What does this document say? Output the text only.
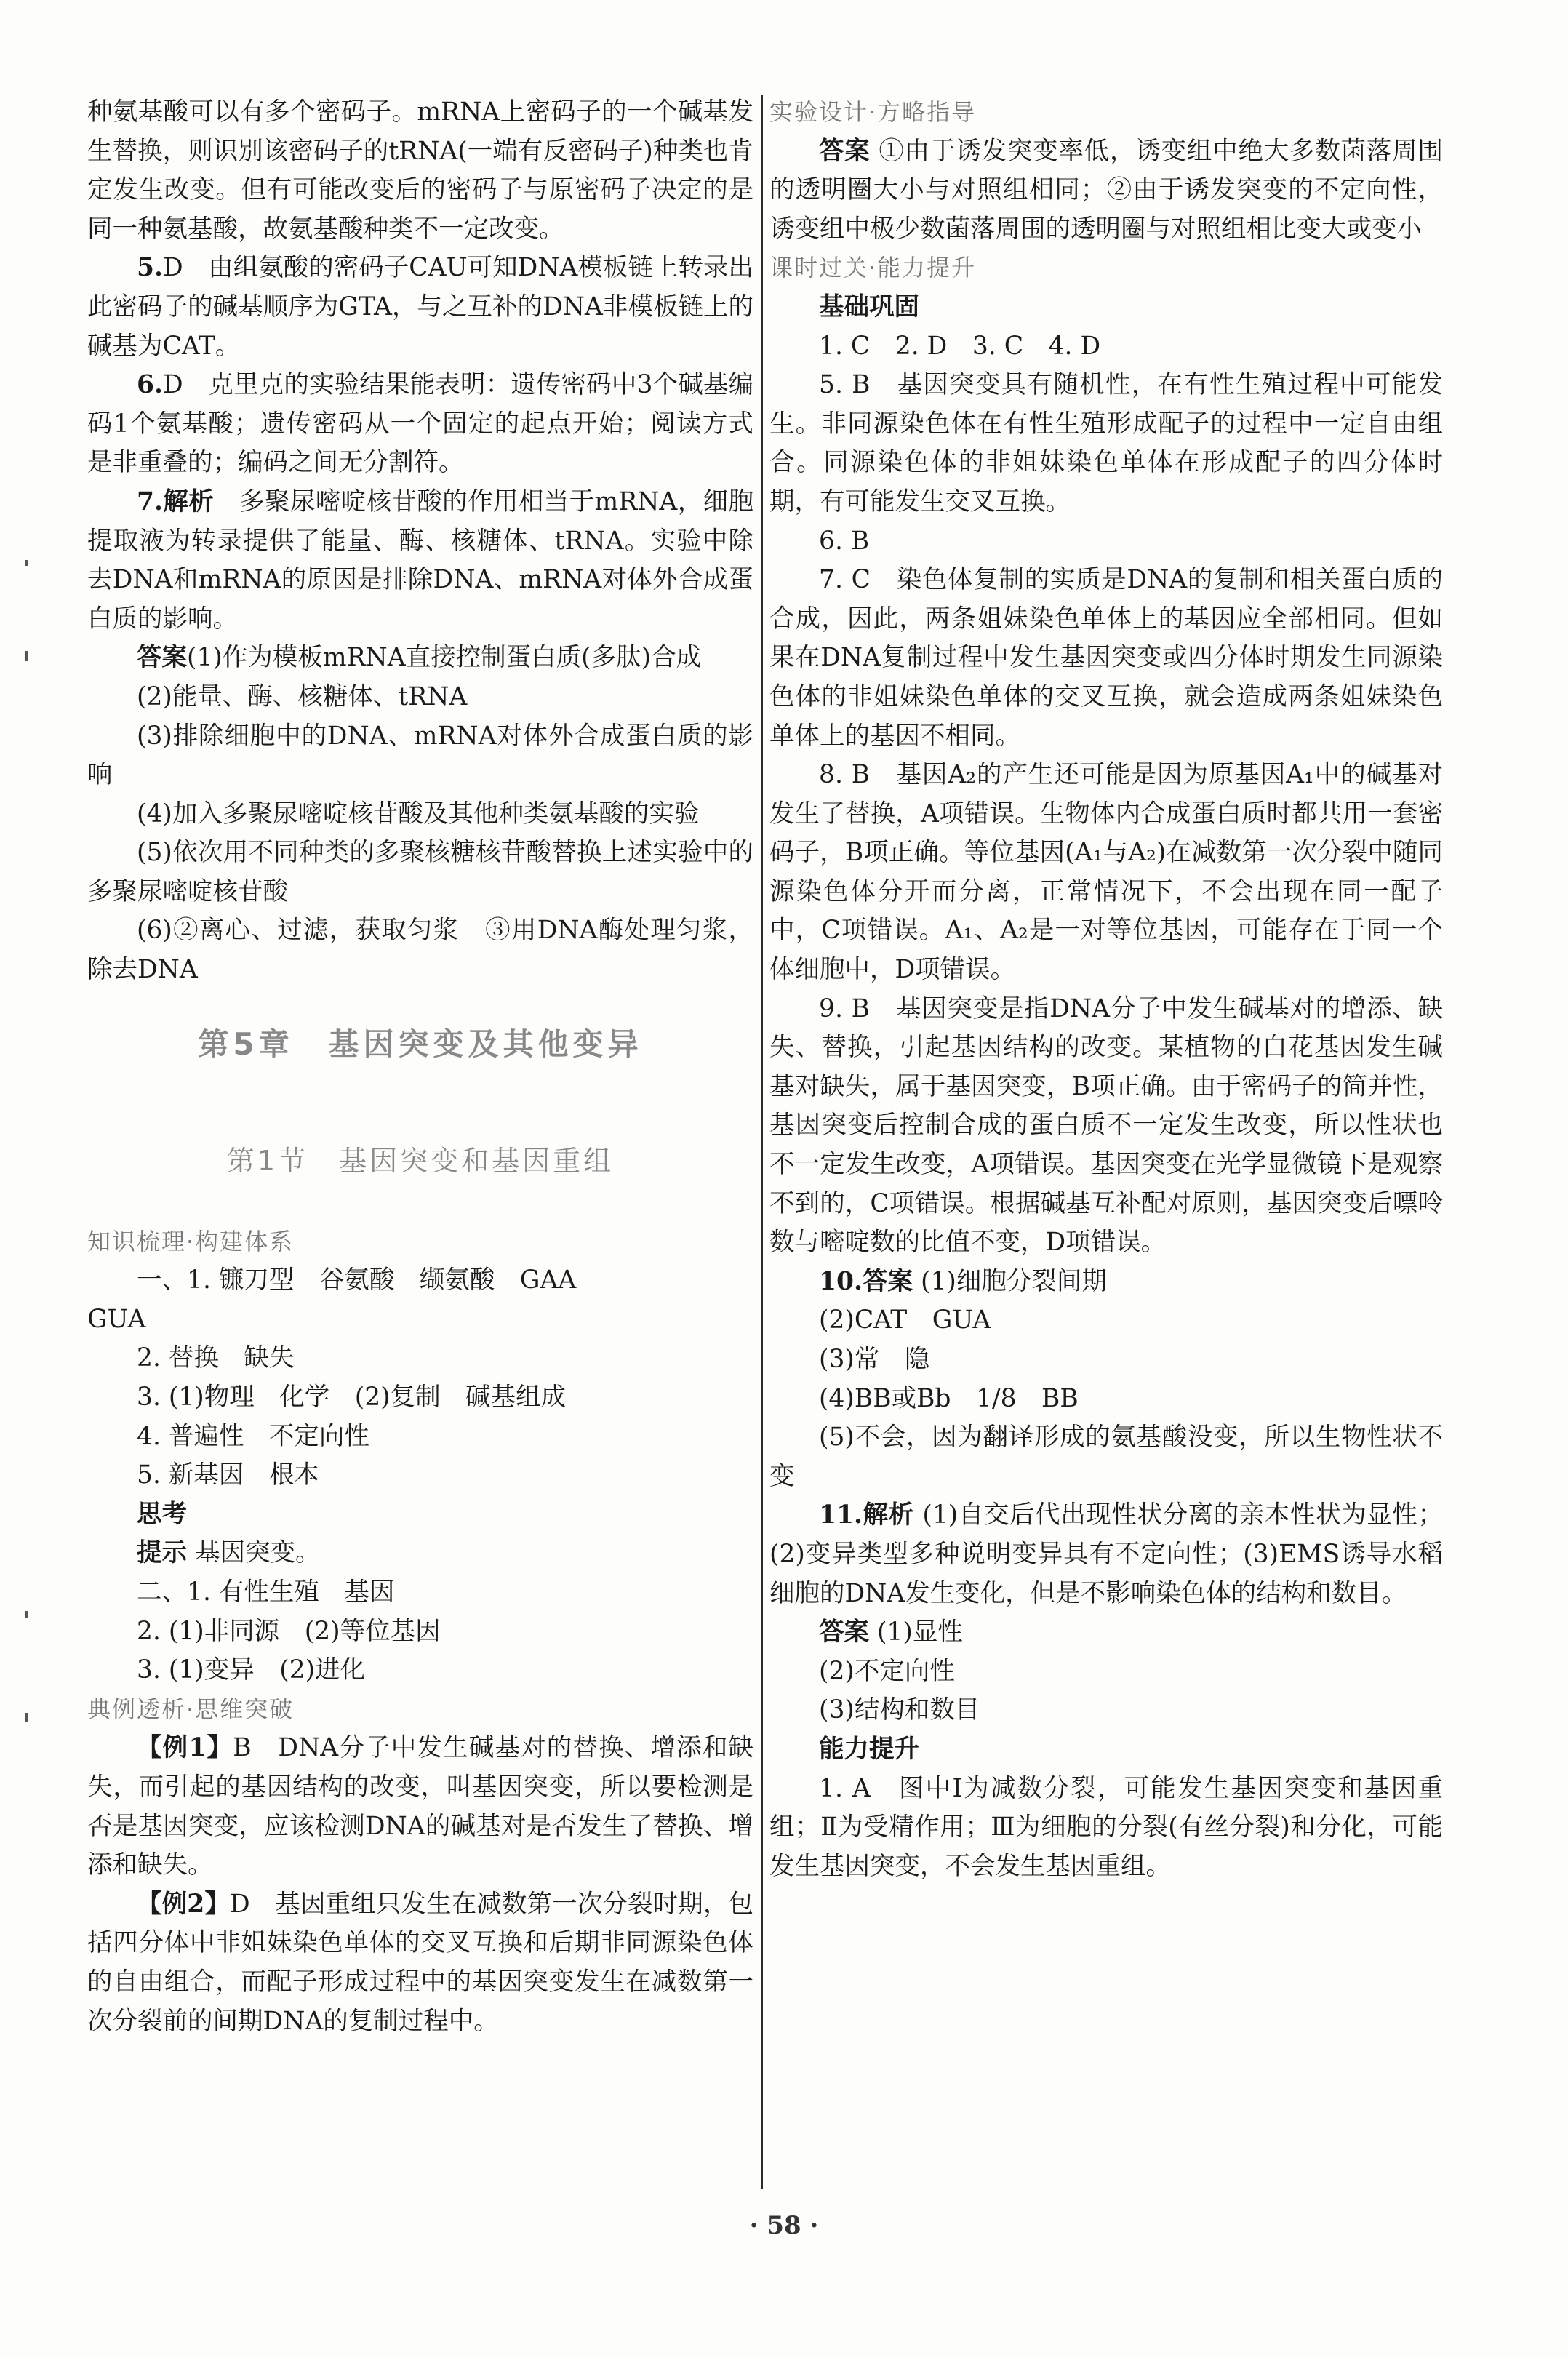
种氨基酸可以有多个密码子。mRNA上密码子的一个碱基发生替换，则识别该密码子的tRNA(一端有反密码子)种类也肯定发生改变。但有可能改变后的密码子与原密码子决定的是同一种氨基酸，故氨基酸种类不一定改变。

5.D　由组氨酸的密码子CAU可知DNA模板链上转录出此密码子的碱基顺序为GTA，与之互补的DNA非模板链上的碱基为CAT。

6.D　克里克的实验结果能表明：遗传密码中3个碱基编码1个氨基酸；遗传密码从一个固定的起点开始；阅读方式是非重叠的；编码之间无分割符。

7.解析　多聚尿嘧啶核苷酸的作用相当于mRNA，细胞提取液为转录提供了能量、酶、核糖体、tRNA。实验中除去DNA和mRNA的原因是排除DNA、mRNA对体外合成蛋白质的影响。

答案(1)作为模板mRNA直接控制蛋白质(多肽)合成

(2)能量、酶、核糖体、tRNA

(3)排除细胞中的DNA、mRNA对体外合成蛋白质的影响

(4)加入多聚尿嘧啶核苷酸及其他种类氨基酸的实验

(5)依次用不同种类的多聚核糖核苷酸替换上述实验中的多聚尿嘧啶核苷酸

(6)②离心、过滤，获取匀浆　③用DNA酶处理匀浆，除去DNA

第5章　基因突变及其他变异
第1节　基因突变和基因重组

知识梳理·构建体系

一、1. 镰刀型　谷氨酸　缬氨酸　GAA

GUA

2. 替换　缺失

3. (1)物理　化学　(2)复制　碱基组成

4. 普遍性　不定向性

5. 新基因　根本

思考

提示 基因突变。

二、1. 有性生殖　基因

2. (1)非同源　(2)等位基因

3. (1)变异　(2)进化

典例透析·思维突破

【例1】B　DNA分子中发生碱基对的替换、增添和缺失，而引起的基因结构的改变，叫基因突变，所以要检测是否是基因突变，应该检测DNA的碱基对是否发生了替换、增添和缺失。

【例2】D　基因重组只发生在减数第一次分裂时期，包括四分体中非姐妹染色单体的交叉互换和后期非同源染色体的自由组合，而配子形成过程中的基因突变发生在减数第一次分裂前的间期DNA的复制过程中。

实验设计·方略指导

答案 ①由于诱发突变率低，诱变组中绝大多数菌落周围的透明圈大小与对照组相同；②由于诱发突变的不定向性，诱变组中极少数菌落周围的透明圈与对照组相比变大或变小

课时过关·能力提升

基础巩固

1. C　2. D　3. C　4. D

5. B　基因突变具有随机性，在有性生殖过程中可能发生。非同源染色体在有性生殖形成配子的过程中一定自由组合。同源染色体的非姐妹染色单体在形成配子的四分体时期，有可能发生交叉互换。

6. B

7. C　染色体复制的实质是DNA的复制和相关蛋白质的合成，因此，两条姐妹染色单体上的基因应全部相同。但如果在DNA复制过程中发生基因突变或四分体时期发生同源染色体的非姐妹染色单体的交叉互换，就会造成两条姐妹染色单体上的基因不相同。

8. B　基因A₂的产生还可能是因为原基因A₁中的碱基对发生了替换，A项错误。生物体内合成蛋白质时都共用一套密码子，B项正确。等位基因(A₁与A₂)在减数第一次分裂中随同源染色体分开而分离，正常情况下，不会出现在同一配子中，C项错误。A₁、A₂是一对等位基因，可能存在于同一个体细胞中，D项错误。

9. B　基因突变是指DNA分子中发生碱基对的增添、缺失、替换，引起基因结构的改变。某植物的白花基因发生碱基对缺失，属于基因突变，B项正确。由于密码子的简并性，基因突变后控制合成的蛋白质不一定发生改变，所以性状也不一定发生改变，A项错误。基因突变在光学显微镜下是观察不到的，C项错误。根据碱基互补配对原则，基因突变后嘌呤数与嘧啶数的比值不变，D项错误。

10.答案 (1)细胞分裂间期

(2)CAT　GUA

(3)常　隐

(4)BB或Bb　1/8　BB

(5)不会，因为翻译形成的氨基酸没变，所以生物性状不变

11.解析 (1)自交后代出现性状分离的亲本性状为显性；(2)变异类型多种说明变异具有不定向性；(3)EMS诱导水稻细胞的DNA发生变化，但是不影响染色体的结构和数目。

答案 (1)显性

(2)不定向性

(3)结构和数目

能力提升

1. A　图中Ⅰ为减数分裂，可能发生基因突变和基因重组；Ⅱ为受精作用；Ⅲ为细胞的分裂(有丝分裂)和分化，可能发生基因突变，不会发生基因重组。

· 58 ·
